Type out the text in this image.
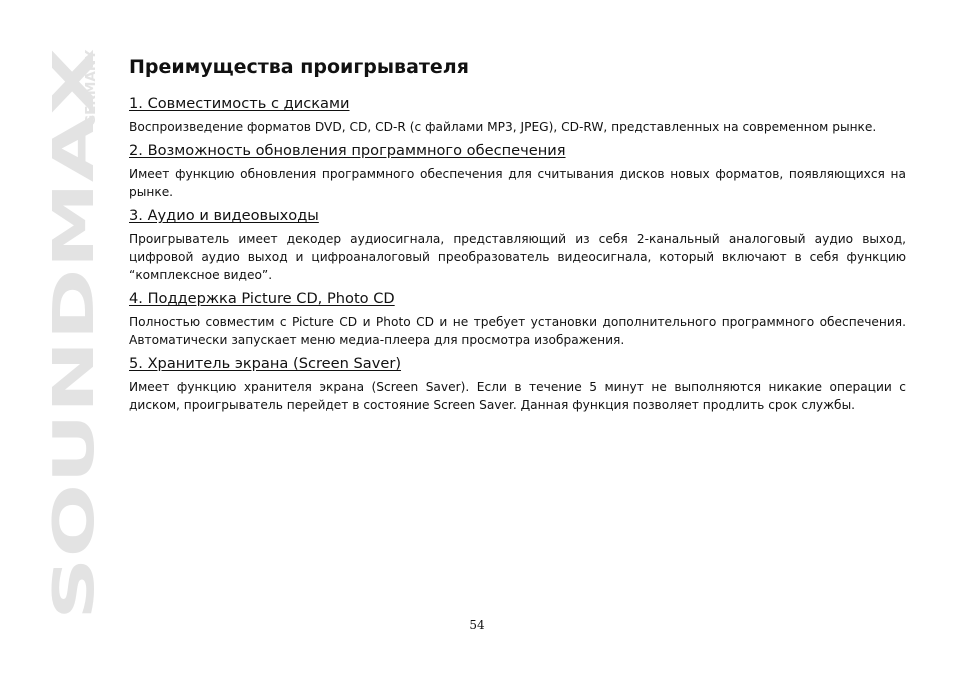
SOUNDMAX
GERMANY Преимущества проигрывателя
1. Совместимость с дисками

Воспроизведение форматов DVD, CD, CD-R (с файлами MP3, JPEG), CD-RW, представленных на современном рынке.

2. Возможность обновления программного обеспечения

Имеет функцию обновления программного обеспечения для считывания дисков новых форматов, появляющихся на рынке.

3. Аудио и видеовыходы

Проигрыватель имеет декодер аудиосигнала, представляющий из себя 2-канальный аналоговый аудио выход, цифровой аудио выход и цифроаналоговый преобразователь видеосигнала, который включают в себя функцию “комплексное видео”.

4. Поддержка Picture CD, Photo CD

Полностью совместим с Picture CD и Photo CD и не требует установки дополнительного программного обеспечения. Автоматически запускает меню медиа-плеера для просмотра изображения.

5. Хранитель экрана (Screen Saver)

Имеет функцию хранителя экрана (Screen Saver). Если в течение 5 минут не выполняются никакие операции с диском, проигрыватель перейдет в состояние Screen Saver. Данная функция позволяет продлить срок службы.

54
